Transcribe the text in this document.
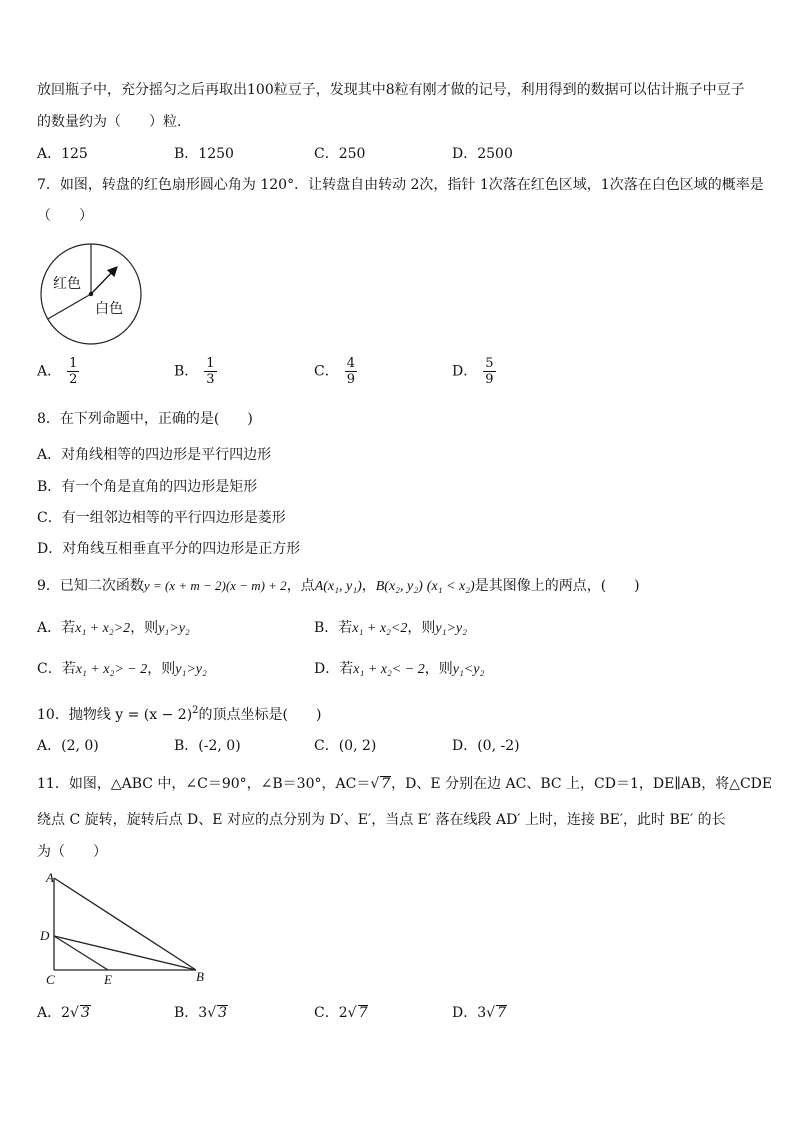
放回瓶子中，充分摇匀之后再取出100粒豆子，发现其中8粒有刚才做的记号，利用得到的数据可以估计瓶子中豆子
的数量约为（　　）粒．
A．125	B．1250	C．250	D．2500
7．如图，转盘的红色扇形圆心角为 120°．让转盘自由转动 2次，指针 1次落在红色区域，1次落在白色区域的概率是
（　　）
红色
白色
A． $\frac{1}{2}$	B． $\frac{1}{3}$	C． $\frac{4}{9}$	D． $\frac{5}{9}$
8．在下列命题中，正确的是(　　)
A．对角线相等的四边形是平行四边形
B．有一个角是直角的四边形是矩形
C．有一组邻边相等的平行四边形是菱形
D．对角线互相垂直平分的四边形是正方形
9．已知二次函数y = (x + m − 2)(x − m) + 2，点A(x₁, y₁)，B(x₂, y₂) (x₁ < x₂)是其图像上的两点，(　　)
A．若x₁ + x₂>2，则y₁>y₂	B．若x₁ + x₂<2，则y₁>y₂
C．若x₁ + x₂> − 2，则y₁>y₂	D．若x₁ + x₂< − 2，则y₁<y₂
10．抛物线 $y = (x - 2)^2$的顶点坐标是(　　)
A．(2, 0)	B．(-2, 0)	C．(0, 2)	D．(0, -2)
11．如图，△ABC 中，∠C＝90°，∠B＝30°，AC＝√ 7，D、E 分别在边 AC、BC 上，CD＝1，DE∥AB，将△CDE
绕点 C 旋转，旋转后点 D、E 对应的点分别为 D′、E′，当点 E′ 落在线段 AD′ 上时，连接 BE′，此时 BE′ 的长
为（　　）
A
D
C	E	B
A．2√ 3	B．3√ 3	C．2√ 7	D．3√ 7
